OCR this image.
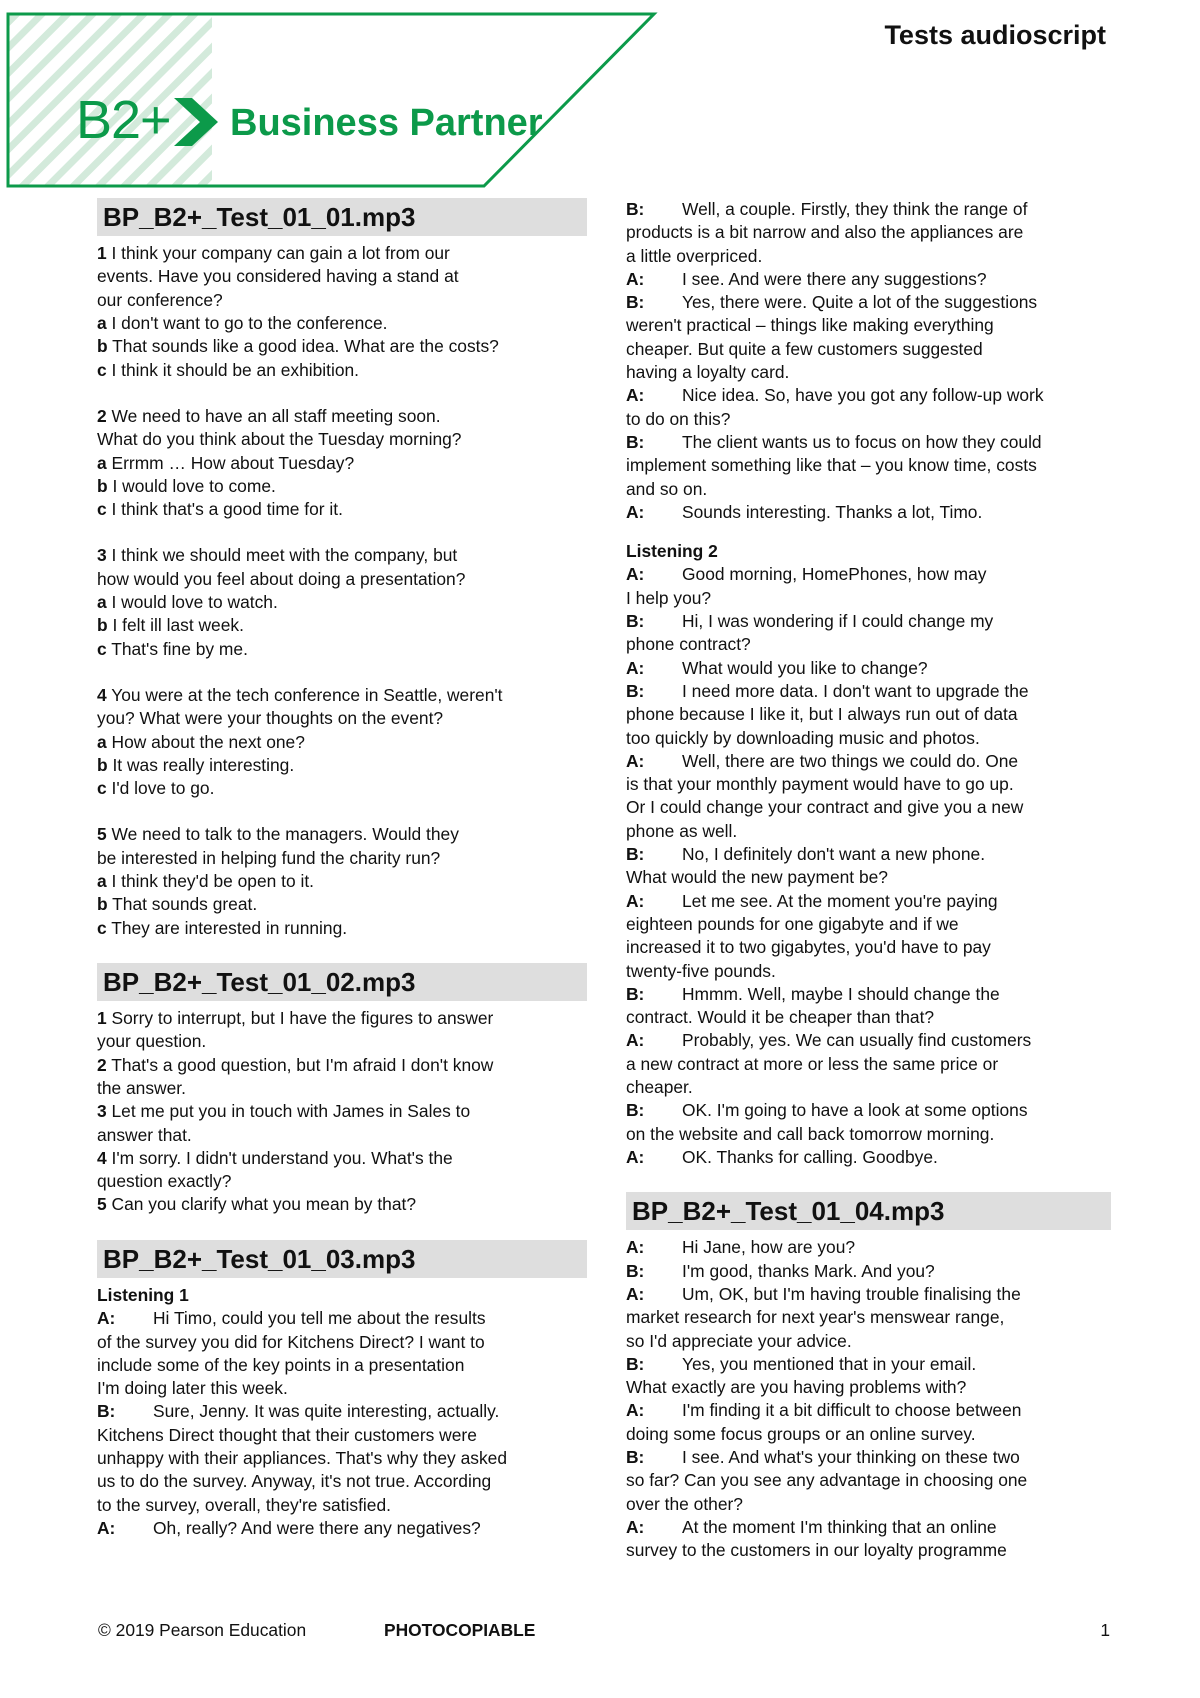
B2+ Business Partner
Tests audioscript
BP_B2+_Test_01_01.mp3

1 I think your company can gain a lot from our

events. Have you considered having a stand at

our conference?

a I don't want to go to the conference.

b That sounds like a good idea. What are the costs?

c I think it should be an exhibition.

2 We need to have an all staff meeting soon.

What do you think about the Tuesday morning?

a Errmm … How about Tuesday?

b I would love to come.

c I think that's a good time for it.

3 I think we should meet with the company, but

how would you feel about doing a presentation?

a I would love to watch.

b I felt ill last week.

c That's fine by me.

4 You were at the tech conference in Seattle, weren't

you? What were your thoughts on the event?

a How about the next one?

b It was really interesting.

c I'd love to go.

5 We need to talk to the managers. Would they

be interested in helping fund the charity run?

a I think they'd be open to it.

b That sounds great.

c They are interested in running.

BP_B2+_Test_01_02.mp3

1 Sorry to interrupt, but I have the figures to answer

your question.

2 That's a good question, but I'm afraid I don't know

the answer.

3 Let me put you in touch with James in Sales to

answer that.

4 I'm sorry. I didn't understand you. What's the

question exactly?

5 Can you clarify what you mean by that?

BP_B2+_Test_01_03.mp3

Listening 1

A: Hi Timo, could you tell me about the results

of the survey you did for Kitchens Direct? I want to

include some of the key points in a presentation

I'm doing later this week.

B: Sure, Jenny. It was quite interesting, actually.

Kitchens Direct thought that their customers were

unhappy with their appliances. That's why they asked

us to do the survey. Anyway, it's not true. According

to the survey, overall, they're satisfied.

A: Oh, really? And were there any negatives?

B: Well, a couple. Firstly, they think the range of

products is a bit narrow and also the appliances are

a little overpriced.

A: I see. And were there any suggestions?

B: Yes, there were. Quite a lot of the suggestions

weren't practical – things like making everything

cheaper. But quite a few customers suggested

having a loyalty card.

A: Nice idea. So, have you got any follow-up work

to do on this?

B: The client wants us to focus on how they could

implement something like that – you know time, costs

and so on.

A: Sounds interesting. Thanks a lot, Timo.

Listening 2

A: Good morning, HomePhones, how may

I help you?

B: Hi, I was wondering if I could change my

phone contract?

A: What would you like to change?

B: I need more data. I don't want to upgrade the

phone because I like it, but I always run out of data

too quickly by downloading music and photos.

A: Well, there are two things we could do. One

is that your monthly payment would have to go up.

Or I could change your contract and give you a new

phone as well.

B: No, I definitely don't want a new phone.

What would the new payment be?

A: Let me see. At the moment you're paying

eighteen pounds for one gigabyte and if we

increased it to two gigabytes, you'd have to pay

twenty-five pounds.

B: Hmmm. Well, maybe I should change the

contract. Would it be cheaper than that?

A: Probably, yes. We can usually find customers

a new contract at more or less the same price or

cheaper.

B: OK. I'm going to have a look at some options

on the website and call back tomorrow morning.

A: OK. Thanks for calling. Goodbye.

BP_B2+_Test_01_04.mp3

A: Hi Jane, how are you?

B: I'm good, thanks Mark. And you?

A: Um, OK, but I'm having trouble finalising the

market research for next year's menswear range,

so I'd appreciate your advice.

B: Yes, you mentioned that in your email.

What exactly are you having problems with?

A: I'm finding it a bit difficult to choose between

doing some focus groups or an online survey.

B: I see. And what's your thinking on these two

so far? Can you see any advantage in choosing one

over the other?

A: At the moment I'm thinking that an online

survey to the customers in our loyalty programme

© 2019 Pearson Education	PHOTOCOPIABLE	1
